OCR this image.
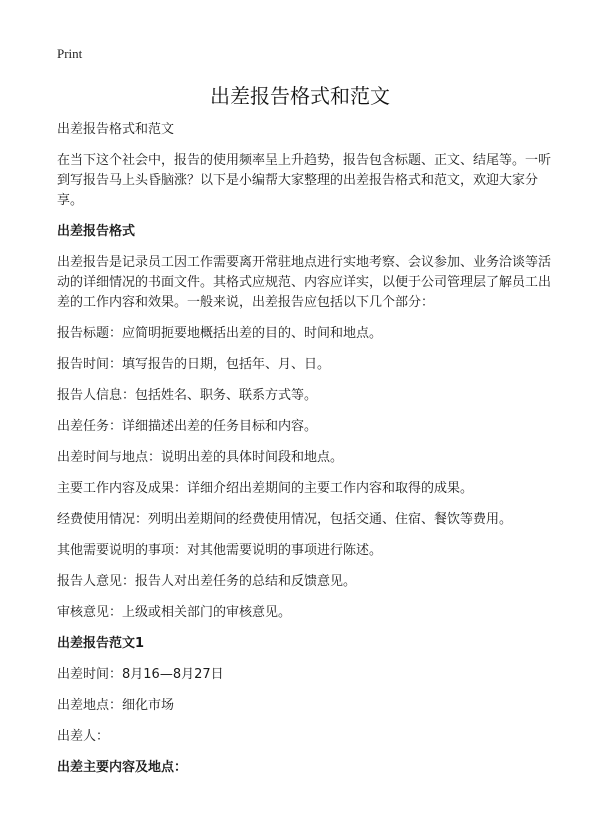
Print
出差报告格式和范文

出差报告格式和范文

在当下这个社会中，报告的使用频率呈上升趋势，报告包含标题、正文、结尾等。一听到写报告马上头昏脑涨？以下是小编帮大家整理的出差报告格式和范文，欢迎大家分享。

出差报告格式

出差报告是记录员工因工作需要离开常驻地点进行实地考察、会议参加、业务洽谈等活动的详细情况的书面文件。其格式应规范、内容应详实，以便于公司管理层了解员工出差的工作内容和效果。一般来说，出差报告应包括以下几个部分：

报告标题：应简明扼要地概括出差的目的、时间和地点。

报告时间：填写报告的日期，包括年、月、日。

报告人信息：包括姓名、职务、联系方式等。

出差任务：详细描述出差的任务目标和内容。

出差时间与地点：说明出差的具体时间段和地点。

主要工作内容及成果：详细介绍出差期间的主要工作内容和取得的成果。

经费使用情况：列明出差期间的经费使用情况，包括交通、住宿、餐饮等费用。

其他需要说明的事项：对其他需要说明的事项进行陈述。

报告人意见：报告人对出差任务的总结和反馈意见。

审核意见：上级或相关部门的审核意见。

出差报告范文1

出差时间：8月16—8月27日

出差地点：细化市场

出差人：

出差主要内容及地点：
